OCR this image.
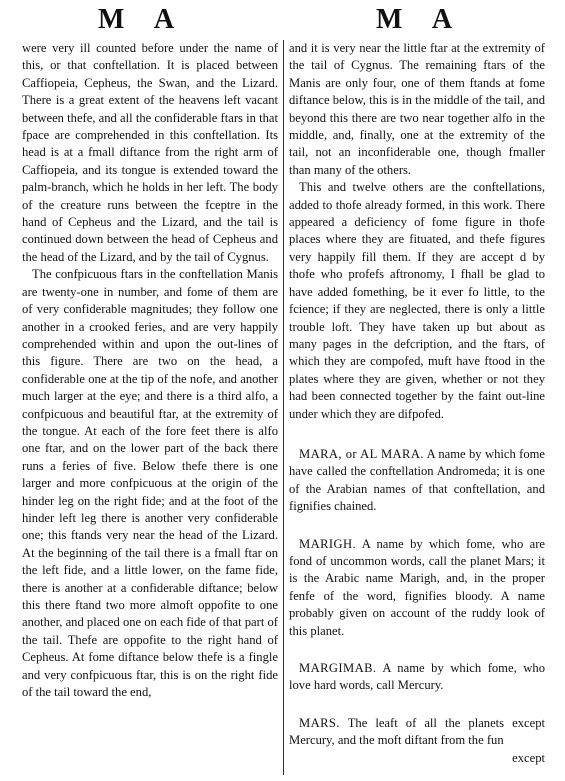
M A	M A

were very ill counted before under the name of this, or that conftellation. It is placed between Caffiopeia, Cepheus, the Swan, and the Lizard. There is a great extent of the heavens left vacant between thefe, and all the confiderable ftars in that fpace are comprehended in this conftellation. Its head is at a fmall diftance from the right arm of Caffiopeia, and its tongue is extended toward the palm-branch, which he holds in her left. The body of the creature runs between the fceptre in the hand of Cepheus and the Lizard, and the tail is continued down between the head of Cepheus and the head of the Lizard, and by the tail of Cygnus.

The confpicuous ftars in the conftellation Manis are twenty-one in number, and fome of them are of very confiderable magnitudes; they follow one another in a crooked feries, and are very happily comprehended within and upon the out-lines of this figure. There are two on the head, a confiderable one at the tip of the nofe, and another much larger at the eye; and there is a third alfo, a confpicuous and beautiful ftar, at the extremity of the tongue. At each of the fore feet there is alfo one ftar, and on the lower part of the back there runs a feries of five. Below thefe there is one larger and more confpicuous at the origin of the hinder leg on the right fide; and at the foot of the hinder left leg there is another very confiderable one; this ftands very near the head of the Lizard. At the beginning of the tail there is a fmall ftar on the left fide, and a little lower, on the fame fide, there is another at a confiderable diftance; below this there ftand two more almoft oppofite to one another, and placed one on each fide of that part of the tail. Thefe are oppofite to the right hand of Cepheus. At fome diftance below thefe is a fingle and very confpicuous ftar, this is on the right fide of the tail toward the end,

and it is very near the little ftar at the extremity of the tail of Cygnus. The remaining ftars of the Manis are only four, one of them ftands at fome diftance below, this is in the middle of the tail, and beyond this there are two near together alfo in the middle, and, finally, one at the extremity of the tail, not an inconfiderable one, though fmaller than many of the others.

This and twelve others are the conftellations, added to thofe already formed, in this work. There appeared a deficiency of fome figure in thofe places where they are fituated, and thefe figures very happily fill them. If they are accept d by thofe who profefs aftronomy, I fhall be glad to have added fomething, be it ever fo little, to the fcience; if they are neglected, there is only a little trouble loft. They have taken up but about as many pages in the defcription, and the ftars, of which they are compofed, muft have ftood in the plates where they are given, whether or not they had been connected together by the faint out-line under which they are difpofed.

MARA, or AL MARA. A name by which fome have called the conftellation Andromeda; it is one of the Arabian names of that conftellation, and fignifies chained.

MARIGH. A name by which fome, who are fond of uncommon words, call the planet Mars; it is the Arabic name Marigh, and, in the proper fenfe of the word, fignifies bloody. A name probably given on account of the ruddy look of this planet.

MARGIMAB. A name by which fome, who love hard words, call Mercury.

MARS. The leaft of all the planets except Mercury, and the moft diftant from the fun

except
